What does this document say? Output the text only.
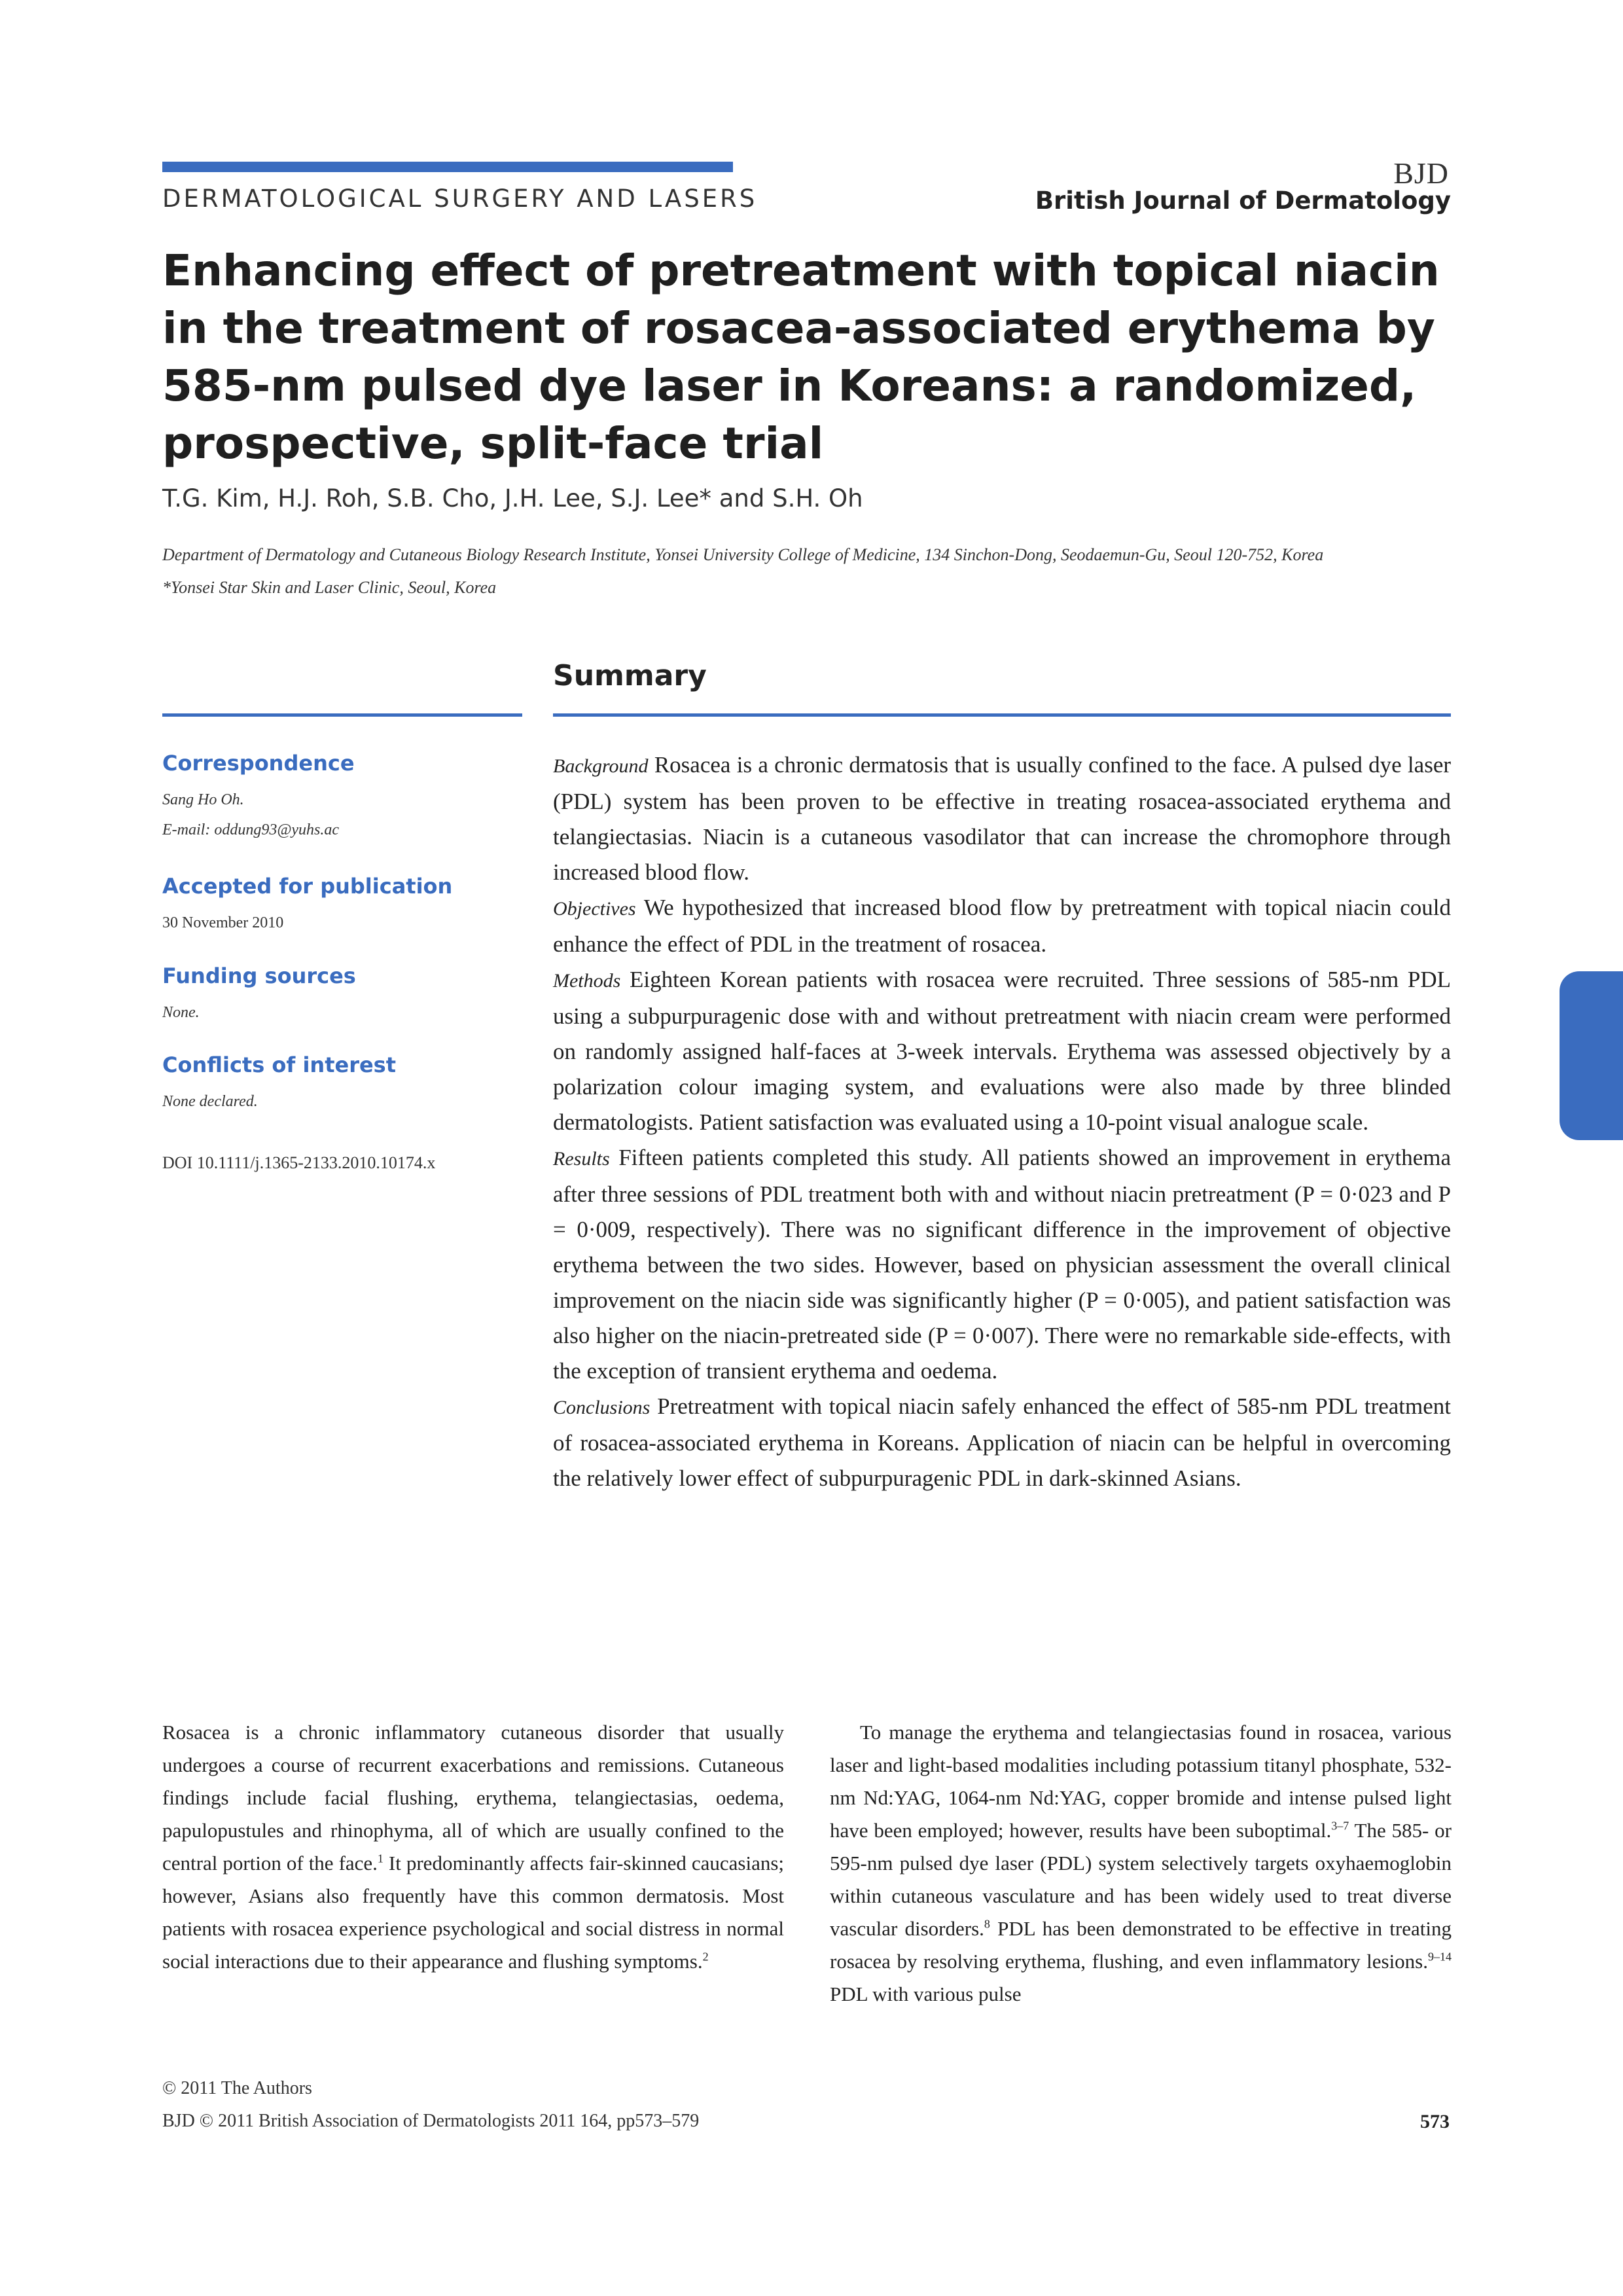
DERMATOLOGICAL SURGERY AND LASERS
BJD
British Journal of Dermatology
Enhancing effect of pretreatment with topical niacin in the treatment of rosacea-associated erythema by 585-nm pulsed dye laser in Koreans: a randomized, prospective, split-face trial
T.G. Kim, H.J. Roh, S.B. Cho, J.H. Lee, S.J. Lee* and S.H. Oh
Department of Dermatology and Cutaneous Biology Research Institute, Yonsei University College of Medicine, 134 Sinchon-Dong, Seodaemun-Gu, Seoul 120-752, Korea
*Yonsei Star Skin and Laser Clinic, Seoul, Korea
Summary
Correspondence
Sang Ho Oh.
E-mail: oddung93@yuhs.ac
Accepted for publication
30 November 2010
Funding sources
None.
Conflicts of interest
None declared.
DOI 10.1111/j.1365-2133.2010.10174.x

Background Rosacea is a chronic dermatosis that is usually confined to the face. A pulsed dye laser (PDL) system has been proven to be effective in treating rosacea-associated erythema and telangiectasias. Niacin is a cutaneous vasodilator that can increase the chromophore through increased blood flow.

Objectives We hypothesized that increased blood flow by pretreatment with topical niacin could enhance the effect of PDL in the treatment of rosacea.

Methods Eighteen Korean patients with rosacea were recruited. Three sessions of 585-nm PDL using a subpurpuragenic dose with and without pretreatment with niacin cream were performed on randomly assigned half-faces at 3-week intervals. Erythema was assessed objectively by a polarization colour imaging system, and evaluations were also made by three blinded dermatologists. Patient satisfaction was evaluated using a 10-point visual analogue scale.

Results Fifteen patients completed this study. All patients showed an improvement in erythema after three sessions of PDL treatment both with and without niacin pretreatment (P = 0·023 and P = 0·009, respectively). There was no significant difference in the improvement of objective erythema between the two sides. However, based on physician assessment the overall clinical improvement on the niacin side was significantly higher (P = 0·005), and patient satisfaction was also higher on the niacin-pretreated side (P = 0·007). There were no remarkable side-effects, with the exception of transient erythema and oedema.

Conclusions Pretreatment with topical niacin safely enhanced the effect of 585-nm PDL treatment of rosacea-associated erythema in Koreans. Application of niacin can be helpful in overcoming the relatively lower effect of subpurpuragenic PDL in dark-skinned Asians.

Rosacea is a chronic inflammatory cutaneous disorder that usually undergoes a course of recurrent exacerbations and remissions. Cutaneous findings include facial flushing, erythema, telangiectasias, oedema, papulopustules and rhinophyma, all of which are usually confined to the central portion of the face.$^1$ It predominantly affects fair-skinned caucasians; however, Asians also frequently have this common dermatosis. Most patients with rosacea experience psychological and social distress in normal social interactions due to their appearance and flushing symptoms.$^2$

To manage the erythema and telangiectasias found in rosacea, various laser and light-based modalities including potassium titanyl phosphate, 532-nm Nd:YAG, 1064-nm Nd:YAG, copper bromide and intense pulsed light have been employed; however, results have been suboptimal.$^{3-7}$ The 585- or 595-nm pulsed dye laser (PDL) system selectively targets oxyhaemoglobin within cutaneous vasculature and has been widely used to treat diverse vascular disorders.$^8$ PDL has been demonstrated to be effective in treating rosacea by resolving erythema, flushing, and even inflammatory lesions.$^{9-14}$ PDL with various pulse

© 2011 The Authors
BJD © 2011 British Association of Dermatologists 2011 164, pp573–579	573
